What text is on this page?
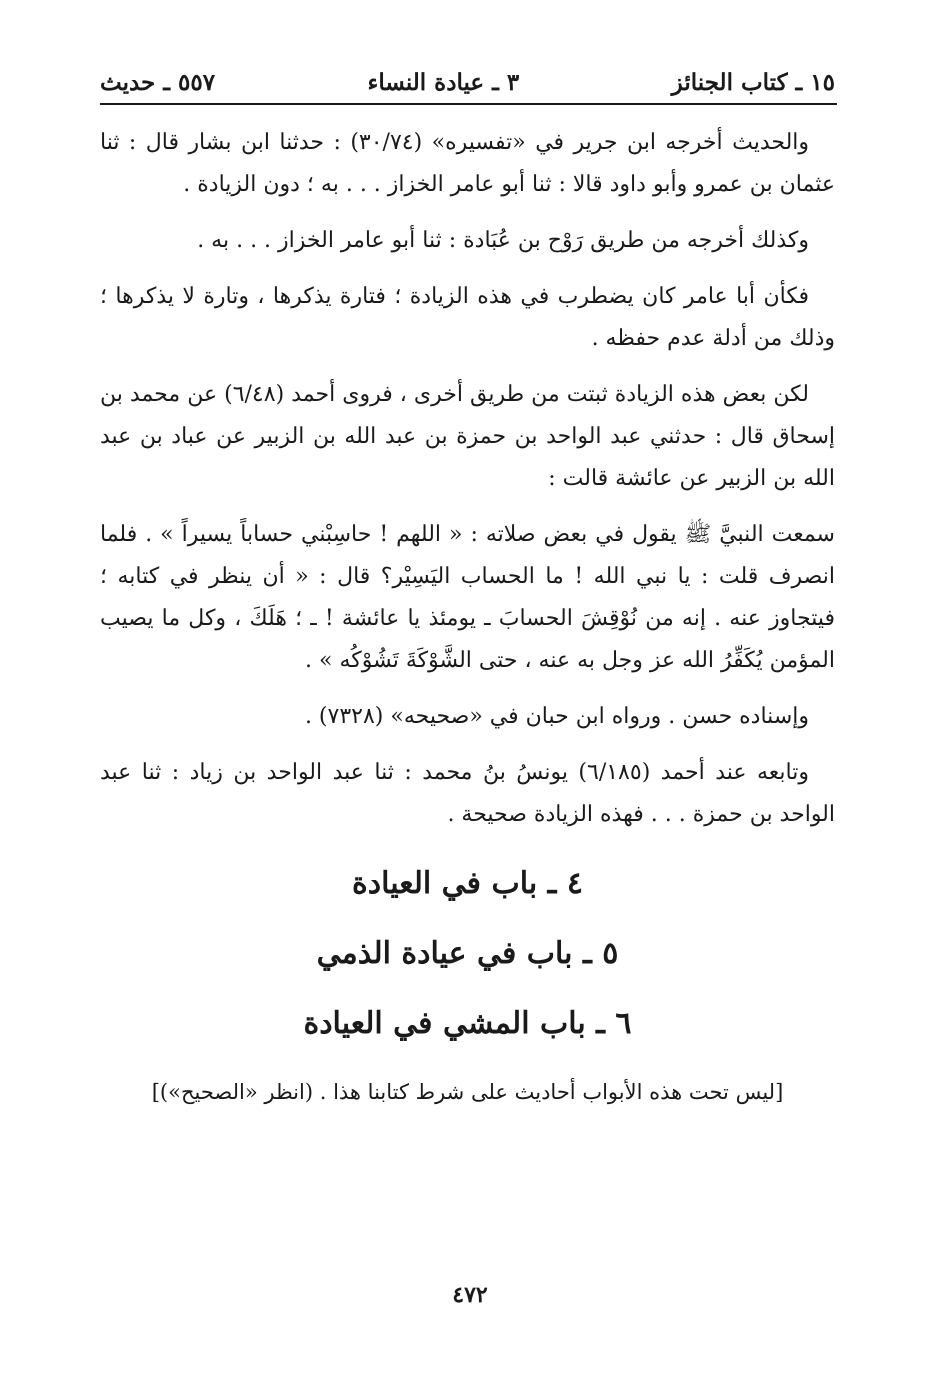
١٥ ـ كتاب الجنائز
٣ ـ عيادة النساء
٥٥٧ ـ حديث

والحديث أخرجه ابن جرير في «تفسيره» (٣٠/٧٤) : حدثنا ابن بشار قال : ثنا عثمان بن عمرو وأبو داود قالا : ثنا أبو عامر الخزاز . . . به ؛ دون الزيادة .

وكذلك أخرجه من طريق رَوْح بن عُبَادة : ثنا أبو عامر الخزاز . . . به .

فكأن أبا عامر كان يضطرب في هذه الزيادة ؛ فتارة يذكرها ، وتارة لا يذكرها ؛ وذلك من أدلة عدم حفظه .

لكن بعض هذه الزيادة ثبتت من طريق أخرى ، فروى أحمد (٦/٤٨) عن محمد بن إسحاق قال : حدثني عبد الواحد بن حمزة بن عبد الله بن الزبير عن عباد بن عبد الله بن الزبير عن عائشة قالت :

سمعت النبيَّ ﷺ يقول في بعض صلاته : « اللهم ! حاسِبْني حساباً يسيراً » . فلما انصرف قلت : يا نبي الله ! ما الحساب اليَسِيْر؟ قال : « أن ينظر في كتابه ؛ فيتجاوز عنه . إنه من نُوْقِشَ الحسابَ ـ يومئذ يا عائشة ! ـ ؛ هَلَكَ ، وكل ما يصيب المؤمن يُكَفِّرُ الله عز وجل به عنه ، حتى الشَّوْكَةَ تَشُوْكُه » .

وإسناده حسن . ورواه ابن حبان في «صحيحه» (٧٣٢٨) .

وتابعه عند أحمد (٦/١٨٥) يونسُ بنُ محمد : ثنا عبد الواحد بن زياد : ثنا عبد الواحد بن حمزة . . . فهذه الزيادة صحيحة .

٤ ـ باب في العيادة
٥ ـ باب في عيادة الذمي
٦ ـ باب المشي في العيادة
[ليس تحت هذه الأبواب أحاديث على شرط كتابنا هذا . (انظر «الصحيح»)]
٤٧٢
